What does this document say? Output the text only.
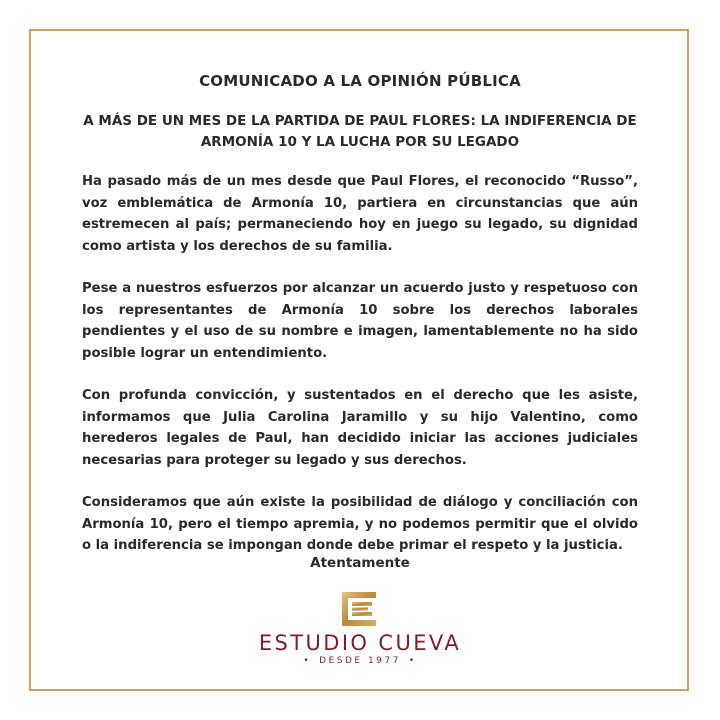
COMUNICADO A LA OPINIÓN PÚBLICA
A MÁS DE UN MES DE LA PARTIDA DE PAUL FLORES: LA INDIFERENCIA DE ARMONÍA 10 Y LA LUCHA POR SU LEGADO

Ha pasado más de un mes desde que Paul Flores, el reconocido “Russo”, voz emblemática de Armonía 10, partiera en circunstancias que aún estremecen al país; permaneciendo hoy en juego su legado, su dignidad como artista y los derechos de su familia.

Pese a nuestros esfuerzos por alcanzar un acuerdo justo y respetuoso con los representantes de Armonía 10 sobre los derechos laborales pendientes y el uso de su nombre e imagen, lamentablemente no ha sido posible lograr un entendimiento.

Con profunda convicción, y sustentados en el derecho que les asiste, informamos que Julia Carolina Jaramillo y su hijo Valentino, como herederos legales de Paul, han decidido iniciar las acciones judiciales necesarias para proteger su legado y sus derechos.

Consideramos que aún existe la posibilidad de diálogo y conciliación con Armonía 10, pero el tiempo apremia, y no podemos permitir que el olvido o la indiferencia se impongan donde debe primar el respeto y la justicia.

Atentamente
ESTUDIO CUEVA
• DESDE 1977 •
